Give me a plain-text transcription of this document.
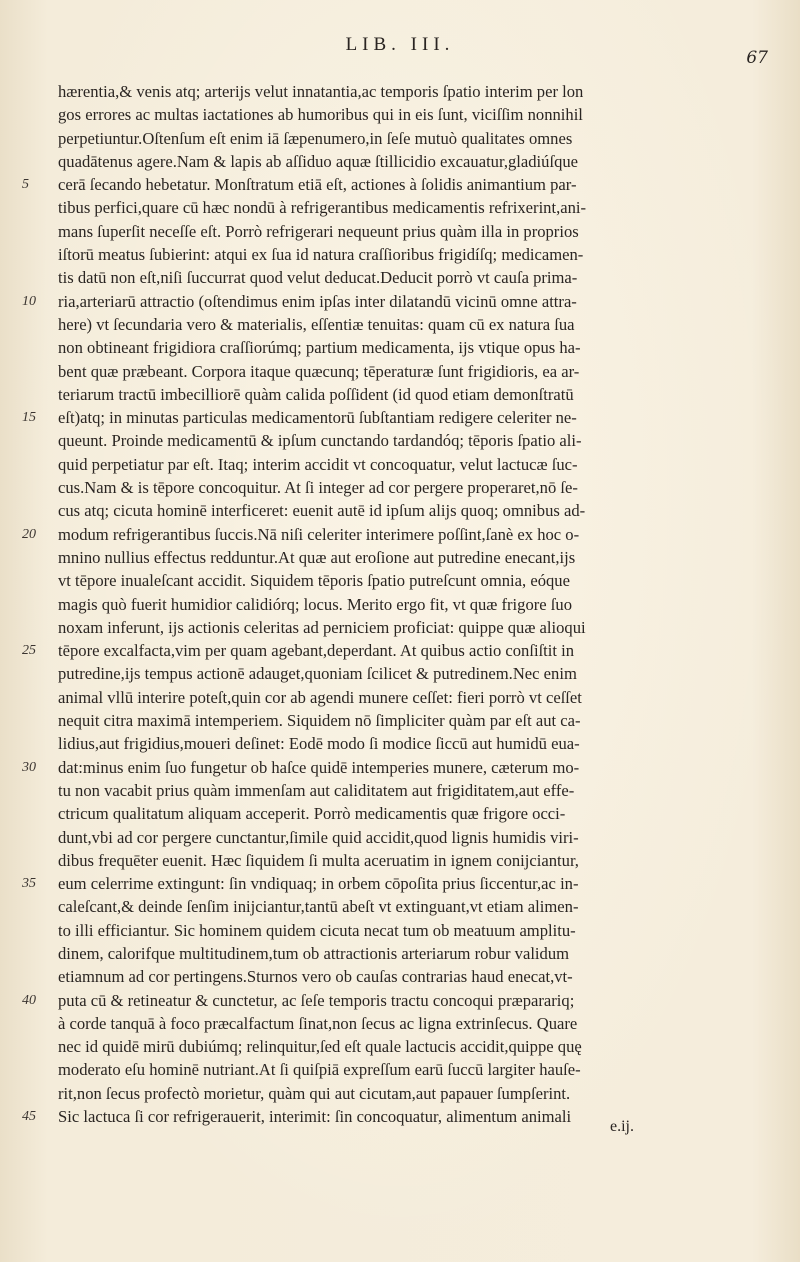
LIB. III.
67
hærentia,& venis atq; arterijs velut innatantia,ac temporis ſpatio interim per lon
gos errores ac multas iactationes ab humoribus qui in eis ſunt, viciſſim nonnihil
perpetiuntur.Oſtenſum eſt enim iā ſæpenumero,in ſeſe mutuò qualitates omnes
quadātenus agere.Nam & lapis ab aſſiduo aquæ ſtillicidio excauatur,gladiúſque
5	cerā ſecando hebetatur. Monſtratum etiā eſt, actiones à ſolidis animantium par-
tibus perfici,quare cū hæc nondū à refrigerantibus medicamentis refrixerint,ani-
mans ſuperſit neceſſe eſt. Porrò refrigerari nequeunt prius quàm illa in proprios
iſtorū meatus ſubierint: atqui ex ſua id natura craſſioribus frigidíſq; medicamen-
tis datū non eſt,niſi ſuccurrat quod velut deducat.Deducit porrò vt cauſa prima-
10	ria,arteriarū attractio (oſtendimus enim ipſas inter dilatandū vicinū omne attra-
here) vt ſecundaria vero & materialis, eſſentiæ tenuitas: quam cū ex natura ſua
non obtineant frigidiora craſſiorúmq; partium medicamenta, ijs vtique opus ha-
bent quæ præbeant. Corpora itaque quæcunq; tēperaturæ ſunt frigidioris, ea ar-
teriarum tractū imbecilliorē quàm calida poſſident (id quod etiam demonſtratū
15	eſt)atq; in minutas particulas medicamentorū ſubſtantiam redigere celeriter ne-
queunt. Proinde medicamentū & ipſum cunctando tardandóq; tēporis ſpatio ali-
quid perpetiatur par eſt. Itaq; interim accidit vt concoquatur, velut lactucæ ſuc-
cus.Nam & is tēpore concoquitur. At ſi integer ad cor pergere properaret,nō ſe-
cus atq; cicuta hominē interficeret: euenit autē id ipſum alijs quoq; omnibus ad-
20	modum refrigerantibus ſuccis.Nā niſi celeriter interimere poſſint,ſanè ex hoc o-
mnino nullius effectus redduntur.At quæ aut eroſione aut putredine enecant,ijs
vt tēpore inualeſcant accidit. Siquidem tēporis ſpatio putreſcunt omnia, eóque
magis quò fuerit humidior calidiórq; locus. Merito ergo fit, vt quæ frigore ſuo
noxam inferunt, ijs actionis celeritas ad perniciem proficiat: quippe quæ alioqui
25	tēpore excalfacta,vim per quam agebant,deperdant. At quibus actio conſiſtit in
putredine,ijs tempus actionē adauget,quoniam ſcilicet & putredinem.Nec enim
animal vllū interire poteſt,quin cor ab agendi munere ceſſet: fieri porrò vt ceſſet
nequit citra maximā intemperiem. Siquidem nō ſimpliciter quàm par eſt aut ca-
lidius,aut frigidius,moueri deſinet: Eodē modo ſi modice ſiccū aut humidū eua-
30	dat:minus enim ſuo fungetur ob haſce quidē intemperies munere, cæterum mo-
tu non vacabit prius quàm immenſam aut caliditatem aut frigiditatem,aut effe-
ctricum qualitatum aliquam acceperit. Porrò medicamentis quæ frigore occi-
dunt,vbi ad cor pergere cunctantur,ſimile quid accidit,quod lignis humidis viri-
dibus frequēter euenit. Hæc ſiquidem ſi multa aceruatim in ignem conijciantur,
35	eum celerrime extingunt: ſin vndiquaq; in orbem cōpoſita prius ſiccentur,ac in-
caleſcant,& deinde ſenſim inijciantur,tantū abeſt vt extinguant,vt etiam alimen-
to illi efficiantur. Sic hominem quidem cicuta necat tum ob meatuum amplitu-
dinem, calorifque multitudinem,tum ob attractionis arteriarum robur validum
etiamnum ad cor pertingens.Sturnos vero ob cauſas contrarias haud enecat,vt-
40	puta cū & retineatur & cunctetur, ac ſeſe temporis tractu concoqui præparariq;
à corde tanquā à foco præcalfactum ſinat,non ſecus ac ligna extrinſecus. Quare
nec id quidē mirū dubiúmq; relinquitur,ſed eſt quale lactucis accidit,quippe quę
moderato eſu hominē nutriant.At ſi quiſpiā expreſſum earū ſuccū largiter hauſe-
rit,non ſecus profectò morietur, quàm qui aut cicutam,aut papauer ſumpſerint.
45	Sic lactuca ſi cor refrigerauerit, interimit: ſin concoquatur, alimentum animali
e.ij.
